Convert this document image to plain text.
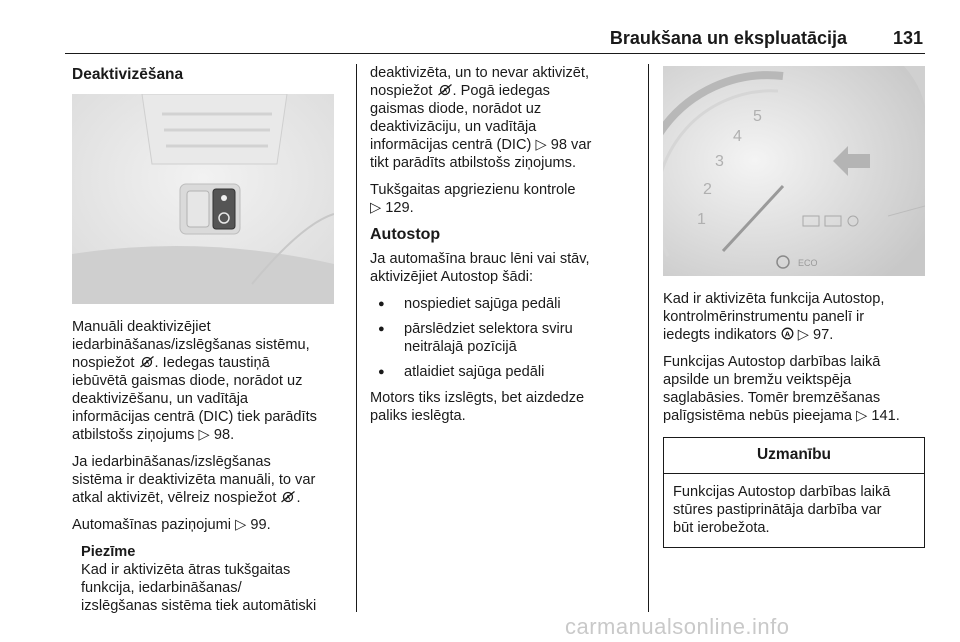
Braukšana un ekspluatācija	131
Deaktivizēšana

Manuāli deaktivizējiet
iedarbināšanas/izslēgšanas sistēmu,
nospiežot A . Iedegas taustiņā
iebūvētā gaismas diode, norādot uz
deaktivizēšanu, un vadītāja
informācijas centrā (DIC) tiek parādīts
atbilstošs ziņojums ▷ 98.

Ja iedarbināšanas/izslēgšanas
sistēma ir deaktivizēta manuāli, to var
atkal aktivizēt, vēlreiz nospiežot A .

Automašīnas paziņojumi ▷ 99.

Piezīme
Kad ir aktivizēta ātras tukšgaitas
funkcija, iedarbināšanas/
izslēgšanas sistēma tiek automātiski

deaktivizēta, un to nevar aktivizēt,
nospiežot A . Pogā iedegas
gaismas diode, norādot uz
deaktivizāciju, un vadītāja
informācijas centrā (DIC) ▷ 98 var
tikt parādīts atbilstošs ziņojums.

Tukšgaitas apgriezienu kontrole
▷ 129.

Autostop

Ja automašīna brauc lēni vai stāv,
aktivizējiet Autostop šādi:

● nospiediet sajūga pedāli
● pārslēdziet selektora sviru
neitrālajā pozīcijā
● atlaidiet sajūga pedāli

Motors tiks izslēgts, bet aizdedze
paliks ieslēgta.

5
4
3
2
1
ECO

Kad ir aktivizēta funkcija Autostop,
kontrolmērinstrumentu panelī ir
iedegts indikators A ▷ 97.

Funkcijas Autostop darbības laikā
apsilde un bremžu veiktspēja
saglabāsies. Tomēr bremzēšanas
palīgsistēma nebūs pieejama ▷ 141.

Uzmanību
Funkcijas Autostop darbības laikā
stūres pastiprinātāja darbība var
būt ierobežota.
carmanualsonline.info
